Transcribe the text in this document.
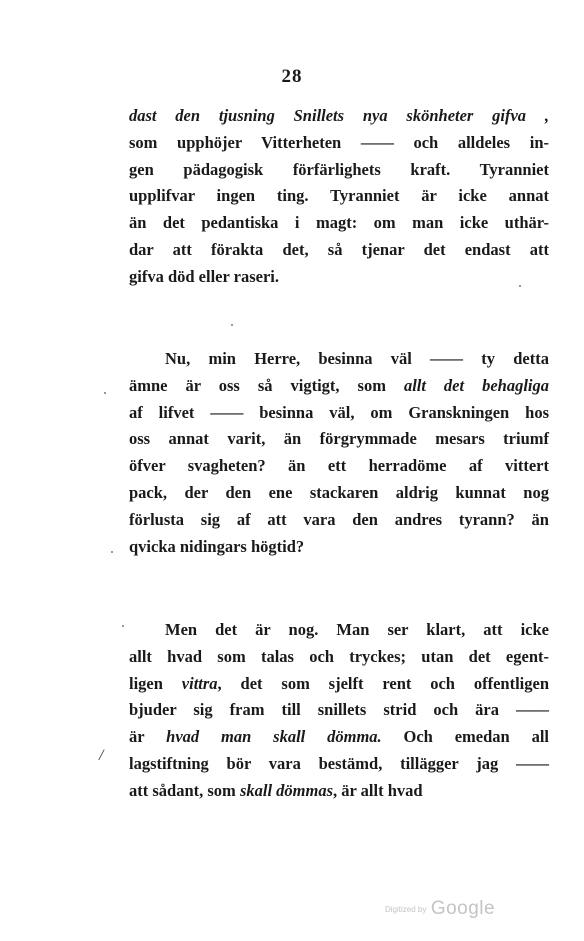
28
dast den tjusning Snillets nya skönheter gifva ,
som upphöjer Vitterheten —— och alldeles in-
gen pädagogisk förfärlighets kraft. Tyranniet
upplifvar ingen ting. Tyranniet är icke annat
än det pedantiska i magt: om man icke uthär-
dar att förakta det, så tjenar det endast att
gifva död eller raseri.
Nu, min Herre, besinna väl —— ty detta
ämne är oss så vigtigt, som allt det behagliga
af lifvet —— besinna väl, om Granskningen hos
oss annat varit, än förgrymmade mesars triumf
öfver svagheten? än ett herradöme af vittert
pack, der den ene stackaren aldrig kunnat nog
förlusta sig af att vara den andres tyrann? än
qvicka nidingars högtid?
Men det är nog. Man ser klart, att icke
allt hvad som talas och tryckes; utan det egent-
ligen vittra, det som sjelft rent och offentligen
bjuder sig fram till snillets strid och ära ——
är hvad man skall dömma. Och emedan all
lagstiftning bör vara bestämd, tillägger jag ——
att sådant, som skall dömmas, är allt hvad
/
Digitized by Google
